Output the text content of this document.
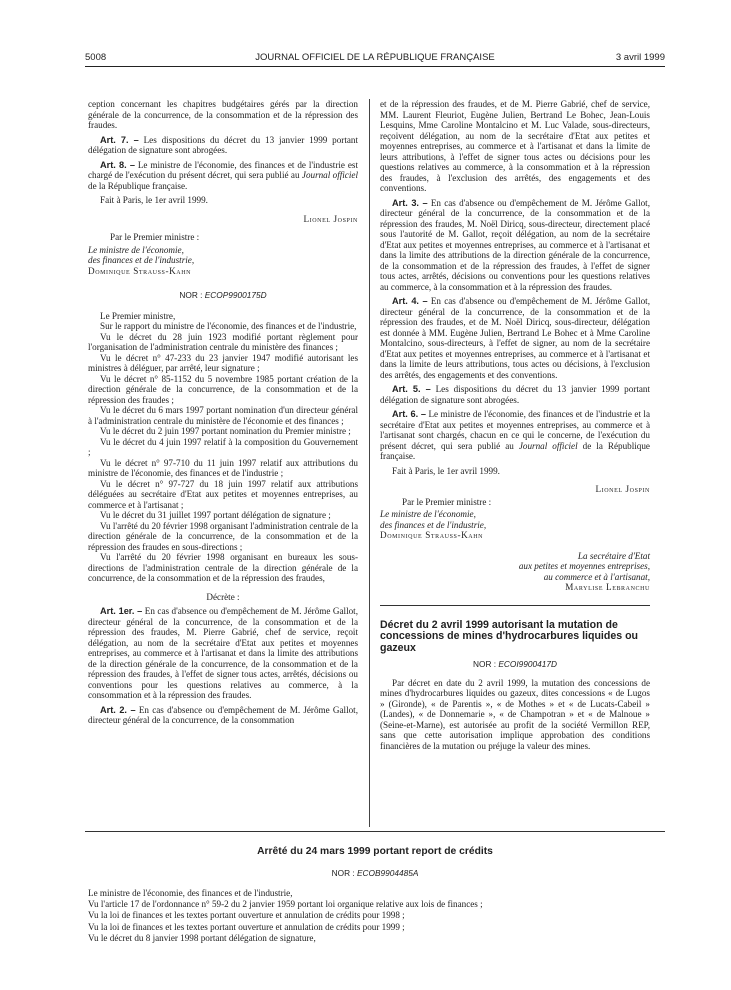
5008	JOURNAL OFFICIEL DE LA RÉPUBLIQUE FRANÇAISE	3 avril 1999

ception concernant les chapitres budgétaires gérés par la direction générale de la concurrence, de la consommation et de la répression des fraudes.

Art. 7. – Les dispositions du décret du 13 janvier 1999 portant délégation de signature sont abrogées.

Art. 8. – Le ministre de l'économie, des finances et de l'industrie est chargé de l'exécution du présent décret, qui sera publié au Journal officiel de la République française.

Fait à Paris, le 1er avril 1999.

Lionel Jospin

Par le Premier ministre :

Le ministre de l'économie,

des finances et de l'industrie,

Dominique Strauss-Kahn

NOR : ECOP9900175D

Le Premier ministre,

Sur le rapport du ministre de l'économie, des finances et de l'industrie,

Vu le décret du 28 juin 1923 modifié portant règlement pour l'organisation de l'administration centrale du ministère des finances ;

Vu le décret n° 47-233 du 23 janvier 1947 modifié autorisant les ministres à déléguer, par arrêté, leur signature ;

Vu le décret n° 85-1152 du 5 novembre 1985 portant création de la direction générale de la concurrence, de la consommation et de la répression des fraudes ;

Vu le décret du 6 mars 1997 portant nomination d'un directeur général à l'administration centrale du ministère de l'économie et des finances ;

Vu le décret du 2 juin 1997 portant nomination du Premier ministre ;

Vu le décret du 4 juin 1997 relatif à la composition du Gouvernement ;

Vu le décret n° 97-710 du 11 juin 1997 relatif aux attributions du ministre de l'économie, des finances et de l'industrie ;

Vu le décret n° 97-727 du 18 juin 1997 relatif aux attributions déléguées au secrétaire d'Etat aux petites et moyennes entreprises, au commerce et à l'artisanat ;

Vu le décret du 31 juillet 1997 portant délégation de signature ;

Vu l'arrêté du 20 février 1998 organisant l'administration centrale de la direction générale de la concurrence, de la consommation et de la répression des fraudes en sous-directions ;

Vu l'arrêté du 20 février 1998 organisant en bureaux les sous-directions de l'administration centrale de la direction générale de la concurrence, de la consommation et de la répression des fraudes,

Décrète :

Art. 1er. – En cas d'absence ou d'empêchement de M. Jérôme Gallot, directeur général de la concurrence, de la consommation et de la répression des fraudes, M. Pierre Gabrié, chef de service, reçoit délégation, au nom de la secrétaire d'Etat aux petites et moyennes entreprises, au commerce et à l'artisanat et dans la limite des attributions de la direction générale de la concurrence, de la consommation et de la répression des fraudes, à l'effet de signer tous actes, arrêtés, décisions ou conventions pour les questions relatives au commerce, à la consommation et à la répression des fraudes.

Art. 2. – En cas d'absence ou d'empêchement de M. Jérôme Gallot, directeur général de la concurrence, de la consommation

et de la répression des fraudes, et de M. Pierre Gabrié, chef de service, MM. Laurent Fleuriot, Eugène Julien, Bertrand Le Bohec, Jean-Louis Lesquins, Mme Caroline Montalcino et M. Luc Valade, sous-directeurs, reçoivent délégation, au nom de la secrétaire d'Etat aux petites et moyennes entreprises, au commerce et à l'artisanat et dans la limite de leurs attributions, à l'effet de signer tous actes ou décisions pour les questions relatives au commerce, à la consommation et à la répression des fraudes, à l'exclusion des arrêtés, des engagements et des conventions.

Art. 3. – En cas d'absence ou d'empêchement de M. Jérôme Gallot, directeur général de la concurrence, de la consommation et de la répression des fraudes, M. Noël Diricq, sous-directeur, directement placé sous l'autorité de M. Gallot, reçoit délégation, au nom de la secrétaire d'Etat aux petites et moyennes entreprises, au commerce et à l'artisanat et dans la limite des attributions de la direction générale de la concurrence, de la consommation et de la répression des fraudes, à l'effet de signer tous actes, arrêtés, décisions ou conventions pour les questions relatives au commerce, à la consommation et à la répression des fraudes.

Art. 4. – En cas d'absence ou d'empêchement de M. Jérôme Gallot, directeur général de la concurrence, de la consommation et de la répression des fraudes, et de M. Noël Diricq, sous-directeur, délégation est donnée à MM. Eugène Julien, Bertrand Le Bohec et à Mme Caroline Montalcino, sous-directeurs, à l'effet de signer, au nom de la secrétaire d'Etat aux petites et moyennes entreprises, au commerce et à l'artisanat et dans la limite de leurs attributions, tous actes ou décisions, à l'exclusion des arrêtés, des engagements et des conventions.

Art. 5. – Les dispositions du décret du 13 janvier 1999 portant délégation de signature sont abrogées.

Art. 6. – Le ministre de l'économie, des finances et de l'industrie et la secrétaire d'Etat aux petites et moyennes entreprises, au commerce et à l'artisanat sont chargés, chacun en ce qui le concerne, de l'exécution du présent décret, qui sera publié au Journal officiel de la République française.

Fait à Paris, le 1er avril 1999.

Lionel Jospin

Par le Premier ministre :

Le ministre de l'économie,

des finances et de l'industrie,

Dominique Strauss-Kahn

La secrétaire d'Etat

aux petites et moyennes entreprises,

au commerce et à l'artisanat,

Marylise Lebranchu

Décret du 2 avril 1999 autorisant la mutation de concessions de mines d'hydrocarbures liquides ou gazeux

NOR : ECOI9900417D

Par décret en date du 2 avril 1999, la mutation des concessions de mines d'hydrocarbures liquides ou gazeux, dites concessions « de Lugos » (Gironde), « de Parentis », « de Mothes » et « de Lucats-Cabeil » (Landes), « de Donnemarie », « de Champotran » et « de Malnoue » (Seine-et-Marne), est autorisée au profit de la société Vermillon REP, sans que cette autorisation implique approbation des conditions financières de la mutation ou préjuge la valeur des mines.

Arrêté du 24 mars 1999 portant report de crédits
NOR : ECOB9904485A

Le ministre de l'économie, des finances et de l'industrie,

Vu l'article 17 de l'ordonnance n° 59-2 du 2 janvier 1959 portant loi organique relative aux lois de finances ;

Vu la loi de finances et les textes portant ouverture et annulation de crédits pour 1998 ;

Vu la loi de finances et les textes portant ouverture et annulation de crédits pour 1999 ;

Vu le décret du 8 janvier 1998 portant délégation de signature,
